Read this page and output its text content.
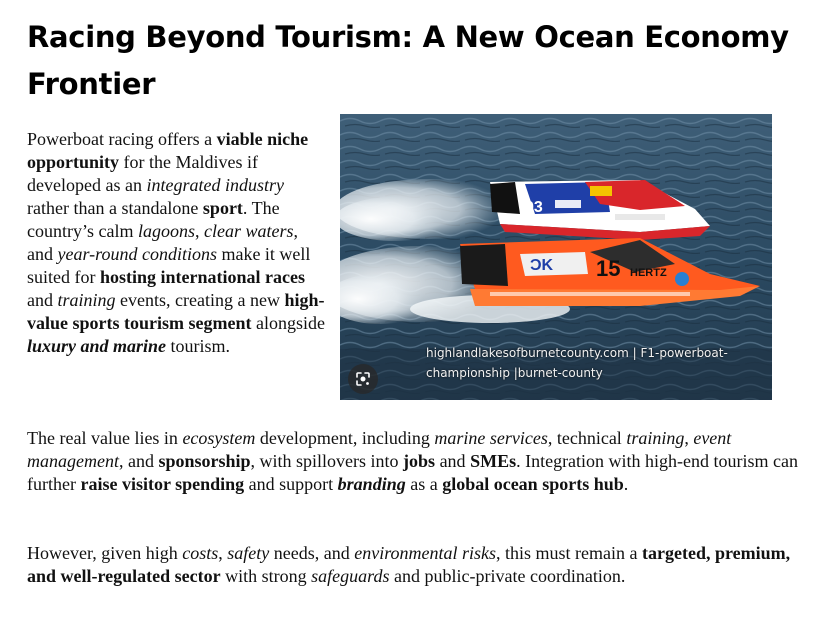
Racing Beyond Tourism: A New Ocean Economy Frontier

Powerboat racing offers a viable niche opportunity for the Maldives if developed as an integrated industry rather than a standalone sport. The country’s calm lagoons, clear waters, and year-round conditions make it well suited for hosting international races and training events, creating a new high-value sports tourism segment alongside luxury and marine tourism.

93
15 HERTZ
ƆK
highlandlakesofburnetcounty.com | F1-powerboat-
championship |burnet-county

The real value lies in ecosystem development, including marine services, technical training, event management, and sponsorship, with spillovers into jobs and SMEs. Integration with high-end tourism can further raise visitor spending and support branding as a global ocean sports hub.

However, given high costs, safety needs, and environmental risks, this must remain a targeted, premium, and well-regulated sector with strong safeguards and public-private coordination.
